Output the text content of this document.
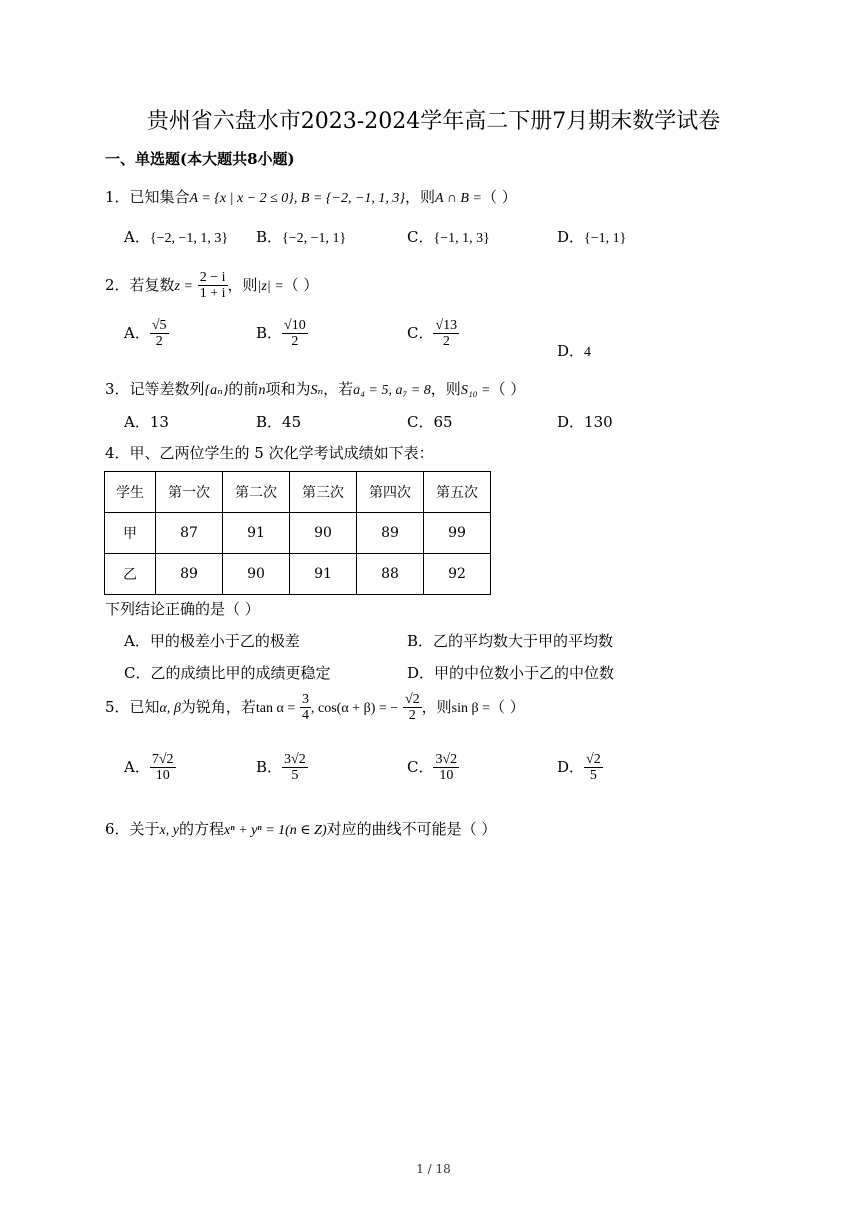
贵州省六盘水市2023-2024学年高二下册7月期末数学试卷
一、单选题(本大题共8小题)
1．已知集合A = {x | x − 2 ≤ 0}, B = {−2, −1, 1, 3}，则A ∩ B =（ ）
A．{−2, −1, 1, 3} B．{−2, −1, 1}	C．{−1, 1, 3}	D．{−1, 1}
2．若复数$z = \frac{2 - i}{1 + i}$ ，则|z| =（ ）
A． $\frac{√5}{2}$	B． $\frac{√10}{2}$	C． $\frac{√13}{2}$
D．4
3．记等差数列{aₙ}的前n项和为Sₙ，若a₄ = 5, a₇ = 8，则S₁₀ =（ ）
A．13	B．45	C．65	D．130
4．甲、乙两位学生的 5 次化学考试成绩如下表：
学生	第一次	第二次	第三次	第四次	第五次
甲	87	91	90	89	99
乙	89	90	91	88	92
下列结论正确的是（ ）
A．甲的极差小于乙的极差	B．乙的平均数大于甲的平均数
C．乙的成绩比甲的成绩更稳定	D．甲的中位数小于乙的中位数
5．已知α, β为锐角，若$\tan \alpha = \frac{3}{4}$ , cos(α + β) = − $\frac{√2}{2}$ ，则sin β =（ ）
A． $\frac{7√2}{10}$	B． $\frac{3√2}{5}$	C． $\frac{3√2}{10}$	D． $\frac{√2}{5}$
6．关于x, y的方程xⁿ + yⁿ = 1(n ∈ Z)对应的曲线不可能是（ ）
1 / 18
